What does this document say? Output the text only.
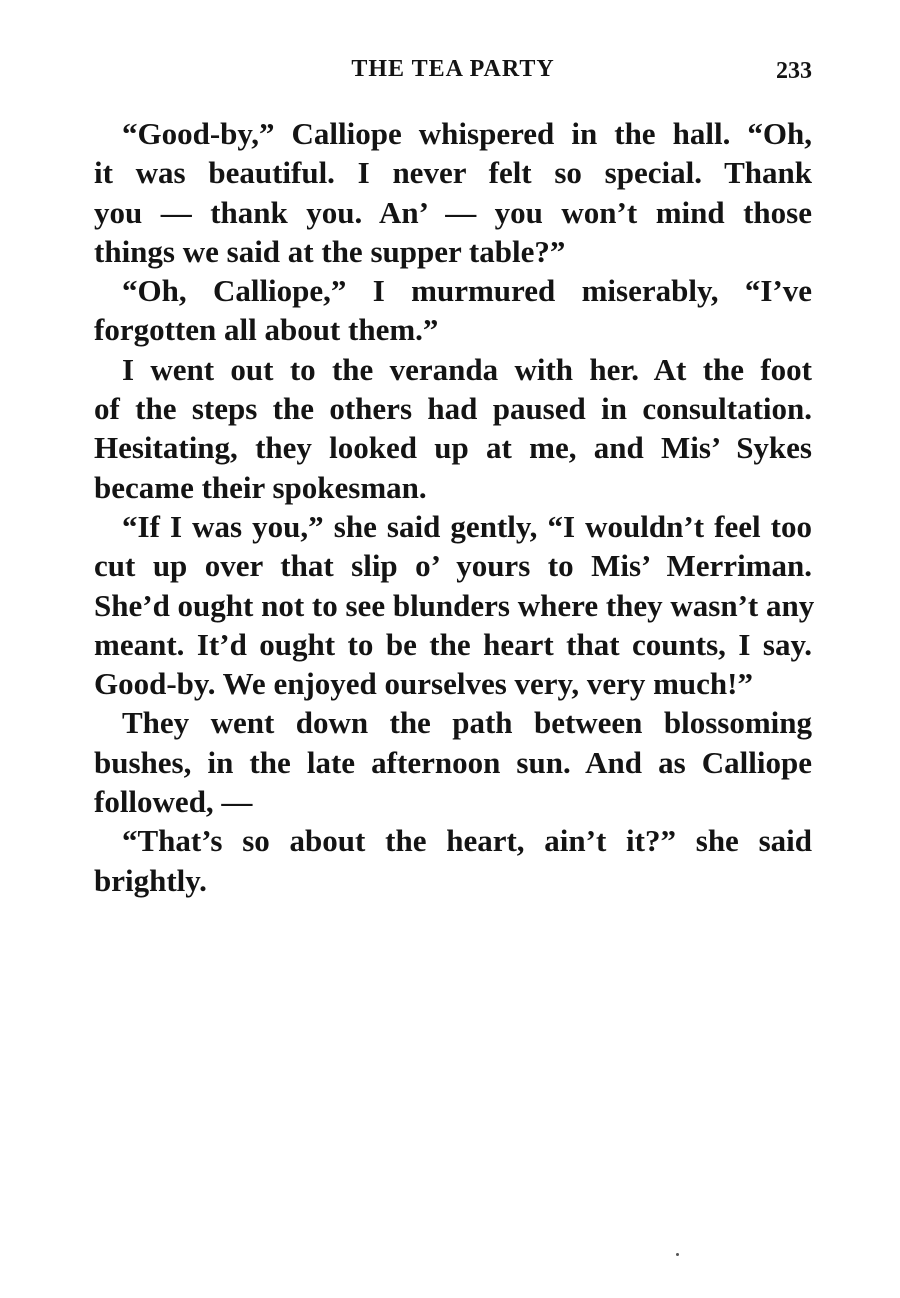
THE TEA PARTY	233
“Good-by,” Calliope whispered in the hall. “Oh,
it was beautiful. I never felt so special. Thank
you — thank you. An’ — you won’t mind those
things we said at the supper table?”
“Oh, Calliope,” I murmured miserably, “I’ve
forgotten all about them.”
I went out to the veranda with her. At the foot
of the steps the others had paused in consultation.
Hesitating, they looked up at me, and Mis’ Sykes
became their spokesman.
“If I was you,” she said gently, “I wouldn’t feel too
cut up over that slip o’ yours to Mis’ Merriman.
She’d ought not to see blunders where they wasn’t any
meant. It’d ought to be the heart that counts, I say.
Good-by. We enjoyed ourselves very, very much!”
They went down the path between blossoming
bushes, in the late afternoon sun. And as Calliope
followed, —
“That’s so about the heart, ain’t it?” she said
brightly.
